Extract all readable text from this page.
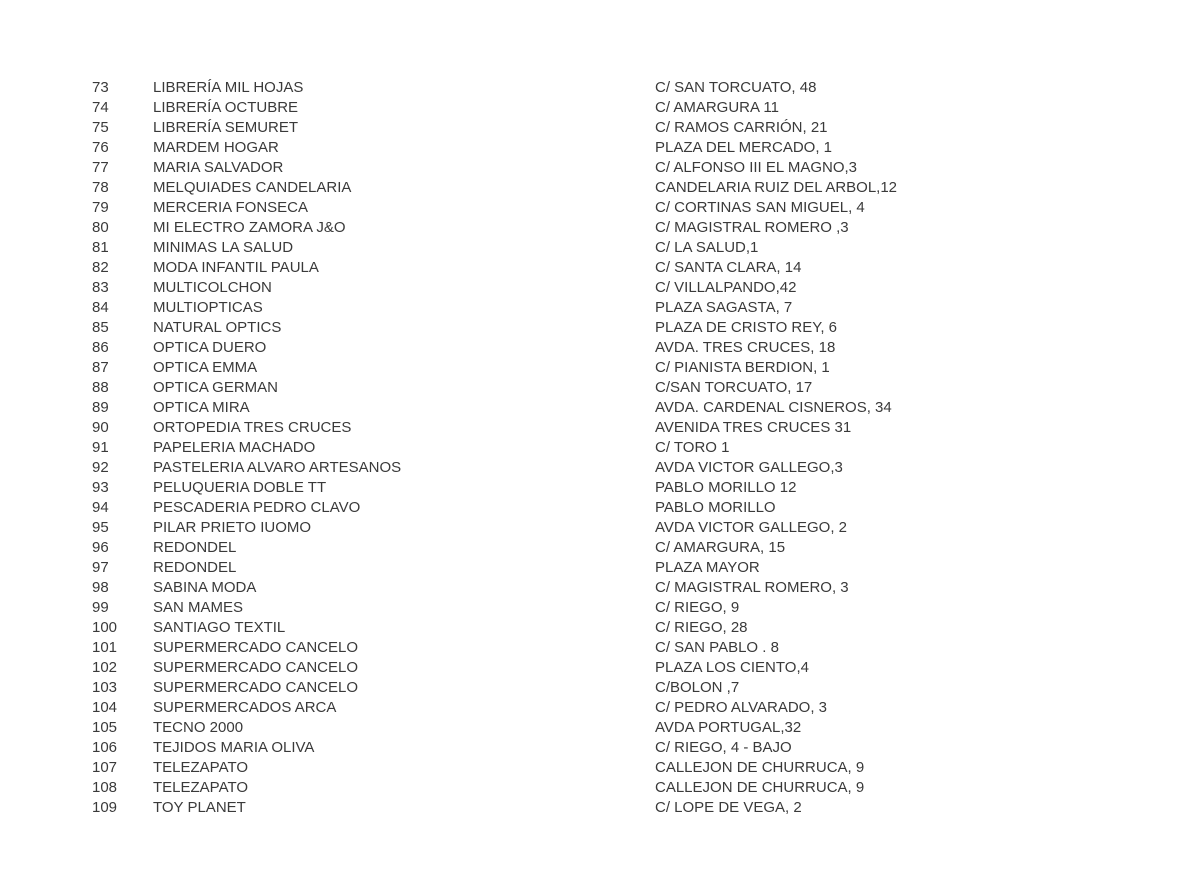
73	LIBRERÍA MIL HOJAS	C/ SAN TORCUATO, 48
74	LIBRERÍA OCTUBRE	C/ AMARGURA 11
75	LIBRERÍA SEMURET	C/ RAMOS CARRIÓN, 21
76	MARDEM HOGAR	PLAZA DEL MERCADO, 1
77	MARIA SALVADOR	C/ ALFONSO III EL MAGNO,3
78	MELQUIADES CANDELARIA	CANDELARIA RUIZ DEL ARBOL,12
79	MERCERIA FONSECA	C/ CORTINAS SAN MIGUEL, 4
80	MI ELECTRO ZAMORA J&O	C/ MAGISTRAL ROMERO ,3
81	MINIMAS LA SALUD	C/ LA SALUD,1
82	MODA INFANTIL PAULA	C/ SANTA CLARA, 14
83	MULTICOLCHON	C/ VILLALPANDO,42
84	MULTIOPTICAS	PLAZA SAGASTA, 7
85	NATURAL OPTICS	PLAZA DE CRISTO REY, 6
86	OPTICA DUERO	AVDA. TRES CRUCES, 18
87	OPTICA EMMA	C/ PIANISTA BERDION, 1
88	OPTICA GERMAN	C/SAN TORCUATO, 17
89	OPTICA MIRA	AVDA. CARDENAL CISNEROS, 34
90	ORTOPEDIA TRES CRUCES	AVENIDA TRES CRUCES 31
91	PAPELERIA MACHADO	C/ TORO 1
92	PASTELERIA ALVARO ARTESANOS	AVDA VICTOR GALLEGO,3
93	PELUQUERIA DOBLE TT	PABLO MORILLO 12
94	PESCADERIA PEDRO CLAVO	PABLO MORILLO
95	PILAR PRIETO IUOMO	AVDA VICTOR GALLEGO, 2
96	REDONDEL	C/ AMARGURA, 15
97	REDONDEL	PLAZA MAYOR
98	SABINA MODA	C/ MAGISTRAL ROMERO, 3
99	SAN MAMES	C/ RIEGO, 9
100 SANTIAGO TEXTIL	C/ RIEGO, 28
101 SUPERMERCADO CANCELO	C/ SAN PABLO . 8
102 SUPERMERCADO CANCELO	PLAZA LOS CIENTO,4
103 SUPERMERCADO CANCELO	C/BOLON ,7
104 SUPERMERCADOS ARCA	C/ PEDRO ALVARADO, 3
105 TECNO 2000	AVDA PORTUGAL,32
106 TEJIDOS MARIA OLIVA	C/ RIEGO, 4 - BAJO
107 TELEZAPATO	CALLEJON DE CHURRUCA, 9
108 TELEZAPATO	CALLEJON DE CHURRUCA, 9
109 TOY PLANET	C/ LOPE DE VEGA, 2
